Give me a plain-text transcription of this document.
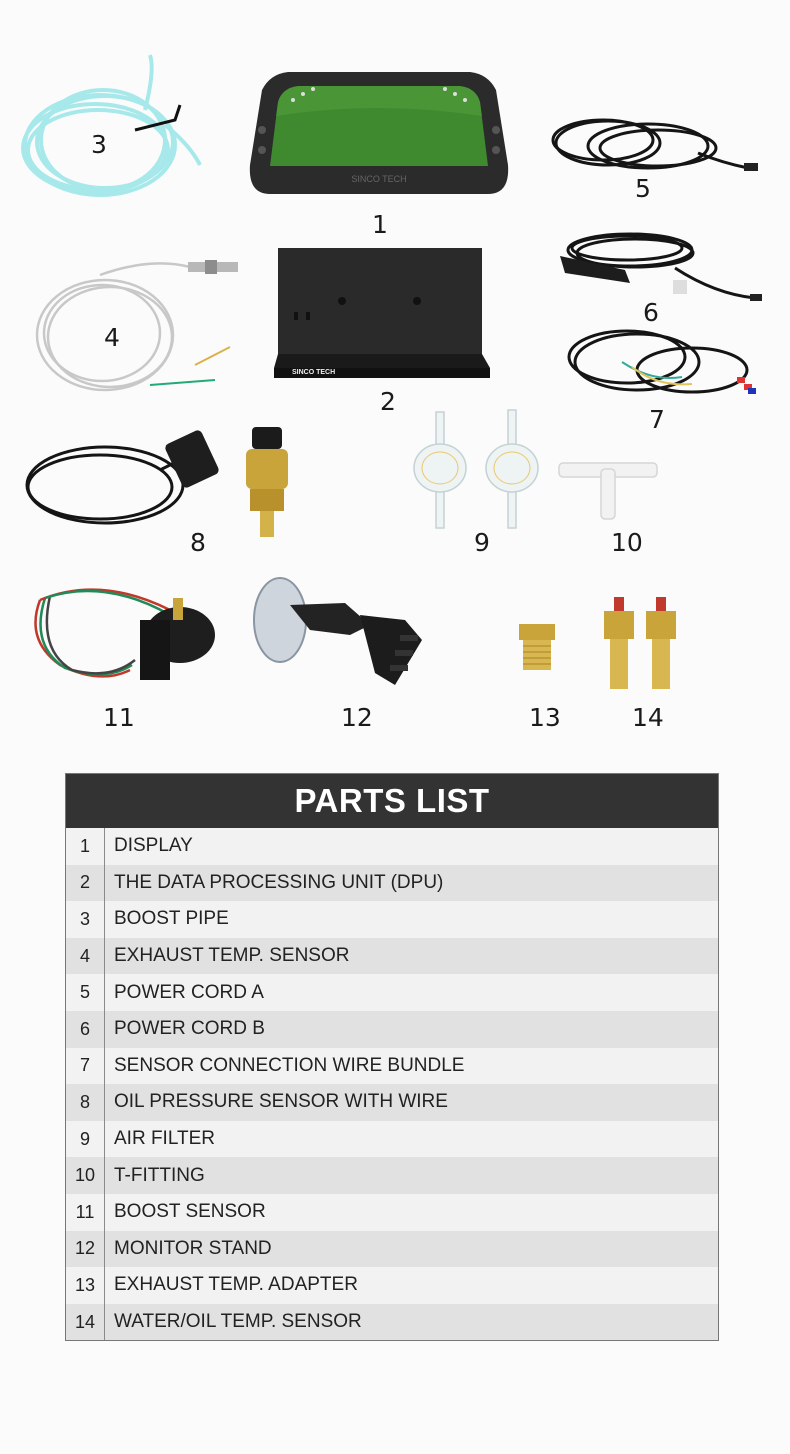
3
SINCO TECH
1
5
6
4
SINCO TECH
2
7
8	9	10
11	12	13	14
PARTS LIST
1	DISPLAY
2	THE DATA PROCESSING UNIT (DPU)
3	BOOST PIPE
4	EXHAUST TEMP. SENSOR
5	POWER CORD A
6	POWER CORD B
7	SENSOR CONNECTION WIRE BUNDLE
8	OIL PRESSURE SENSOR WITH WIRE
9	AIR FILTER
10 T-FITTING
11	BOOST SENSOR
12 MONITOR STAND
13 EXHAUST TEMP. ADAPTER
14 WATER/OIL TEMP. SENSOR
